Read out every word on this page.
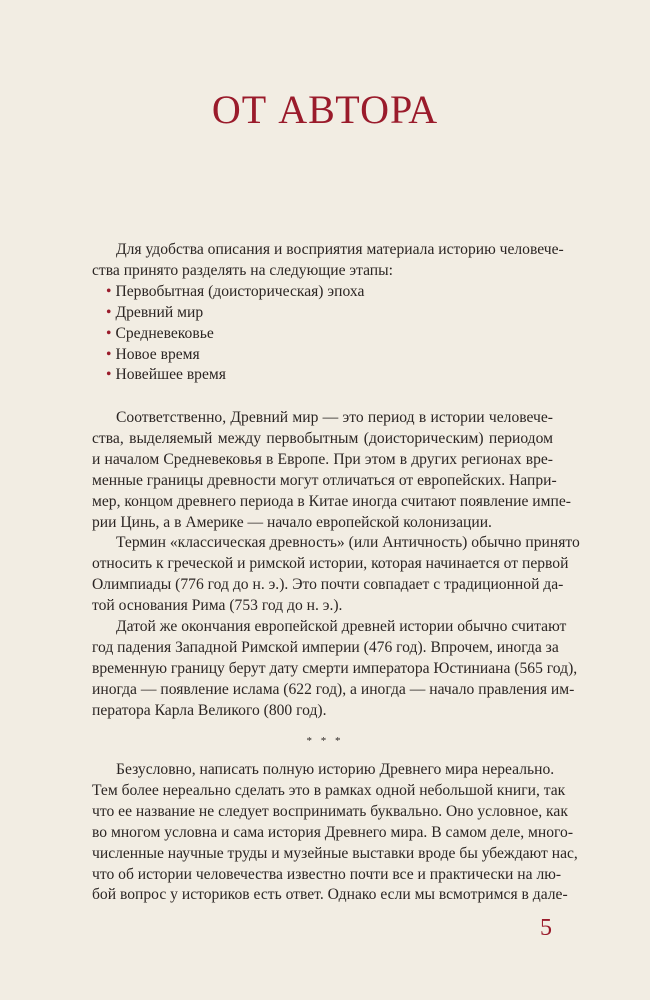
ОТ АВТОРА
Для удобства описания и восприятия материала историю человече-
ства принято разделять на следующие этапы:
• Первобытная (доисторическая) эпоха
• Древний мир
• Средневековье
• Новое время
• Новейшее время
Соответственно, Древний мир — это период в истории человече-
ства, выделяемый между первобытным (доисторическим) периодом
и началом Средневековья в Европе. При этом в других регионах вре-
менные границы древности могут отличаться от европейских. Напри-
мер, концом древнего периода в Китае иногда считают появление импе-
рии Цинь, а в Америке — начало европейской колонизации.
Термин «классическая древность» (или Античность) обычно принято
относить к греческой и римской истории, которая начинается от первой
Олимпиады (776 год до н. э.). Это почти совпадает с традиционной да-
той основания Рима (753 год до н. э.).
Датой же окончания европейской древней истории обычно считают
год падения Западной Римской империи (476 год). Впрочем, иногда за
временную границу берут дату смерти императора Юстиниана (565 год),
иногда — появление ислама (622 год), а иногда — начало правления им-
ператора Карла Великого (800 год).
* * *
Безусловно, написать полную историю Древнего мира нереально.
Тем более нереально сделать это в рамках одной небольшой книги, так
что ее название не следует воспринимать буквально. Оно условное, как
во многом условна и сама история Древнего мира. В самом деле, много-
численные научные труды и музейные выставки вроде бы убеждают нас,
что об истории человечества известно почти все и практически на лю-
бой вопрос у историков есть ответ. Однако если мы всмотримся в дале-
5
